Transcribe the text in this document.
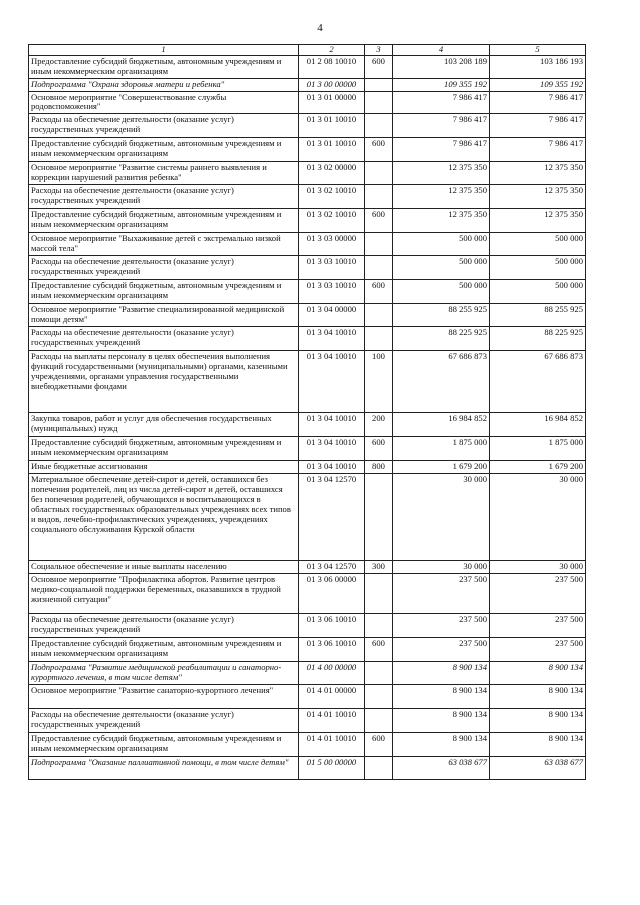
4
1	2	3	4	5
Предоставление субсидий бюджетным, автономным учреждениям и иным некоммерческим организациям	01 2 08 10010	600	103 208 189	103 186 193
Подпрограмма "Охрана здоровья матери и ребенка"	01 3 00 00000		109 355 192	109 355 192
Основное мероприятие "Совершенствование службы родовспоможения"	01 3 01 00000		7 986 417	7 986 417
Расходы на обеспечение деятельности (оказание услуг) государственных учреждений	01 3 01 10010		7 986 417	7 986 417
Предоставление субсидий бюджетным, автономным учреждениям и иным некоммерческим организациям	01 3 01 10010	600	7 986 417	7 986 417
Основное мероприятие "Развитие системы раннего выявления и коррекции нарушений развития ребенка"	01 3 02 00000		12 375 350	12 375 350
Расходы на обеспечение деятельности (оказание услуг) государственных учреждений	01 3 02 10010		12 375 350	12 375 350
Предоставление субсидий бюджетным, автономным учреждениям и иным некоммерческим организациям	01 3 02 10010	600	12 375 350	12 375 350
Основное мероприятие "Выхаживание детей с экстремально низкой массой тела"	01 3 03 00000		500 000	500 000
Расходы на обеспечение деятельности (оказание услуг) государственных учреждений	01 3 03 10010		500 000	500 000
Предоставление субсидий бюджетным, автономным учреждениям и иным некоммерческим организациям	01 3 03 10010	600	500 000	500 000
Основное мероприятие "Развитие специализированной медицинской помощи детям"	01 3 04 00000		88 255 925	88 255 925
Расходы на обеспечение деятельности (оказание услуг) государственных учреждений	01 3 04 10010		88 225 925	88 225 925
Расходы на выплаты персоналу в целях обеспечения выполнения функций государственными (муниципальными) органами, казенными учреждениями, органами управления государственными внебюджетными фондами	01 3 04 10010	100	67 686 873	67 686 873
Закупка товаров, работ и услуг для обеспечения государственных (муниципальных) нужд	01 3 04 10010	200	16 984 852	16 984 852
Предоставление субсидий бюджетным, автономным учреждениям и иным некоммерческим организациям	01 3 04 10010	600	1 875 000	1 875 000
Иные бюджетные ассигнования	01 3 04 10010	800	1 679 200	1 679 200
Материальное обеспечение детей-сирот и детей, оставшихся без попечения родителей, лиц из числа детей-сирот и детей, оставшихся без попечения родителей, обучающихся и воспитывающихся в областных государственных образовательных учреждениях всех типов и видов, лечебно-профилактических учреждениях, учреждениях социального обслуживания Курской области	01 3 04 12570		30 000	30 000
Социальное обеспечение и иные выплаты населению	01 3 04 12570	300	30 000	30 000
Основное мероприятие "Профилактика абортов. Развитие центров медико-социальной поддержки беременных, оказавшихся в трудной жизненной ситуации"	01 3 06 00000		237 500	237 500
Расходы на обеспечение деятельности (оказание услуг) государственных учреждений	01 3 06 10010		237 500	237 500
Предоставление субсидий бюджетным, автономным учреждениям и иным некоммерческим организациям	01 3 06 10010	600	237 500	237 500
Подпрограмма "Развитие медицинской реабилитации и санаторно-курортного лечения, в том числе детям"	01 4 00 00000		8 900 134	8 900 134
Основное мероприятие "Развитие санаторно-курортного лечения"	01 4 01 00000		8 900 134	8 900 134
Расходы на обеспечение деятельности (оказание услуг) государственных учреждений	01 4 01 10010		8 900 134	8 900 134
Предоставление субсидий бюджетным, автономным учреждениям и иным некоммерческим организациям	01 4 01 10010	600	8 900 134	8 900 134
Подпрограмма "Оказание паллиативной помощи, в том числе детям"	01 5 00 00000		63 038 677	63 038 677
